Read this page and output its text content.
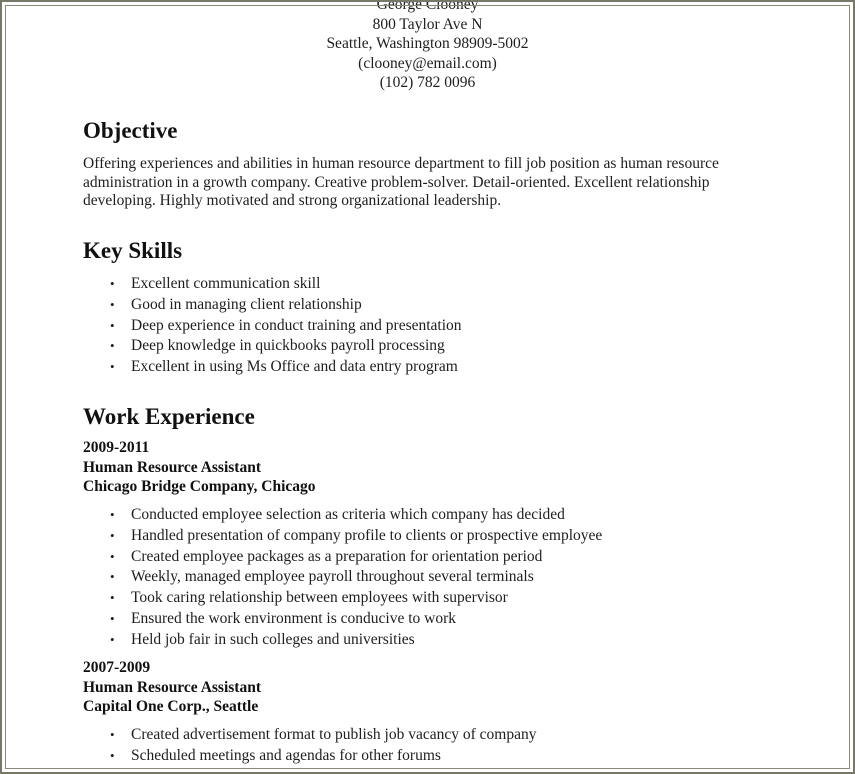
George Clooney
800 Taylor Ave N
Seattle, Washington 98909-5002
(clooney@email.com)
(102) 782 0096
Objective
Offering experiences and abilities in human resource department to fill job position as human resource
administration in a growth company. Creative problem-solver. Detail-oriented. Excellent relationship
developing. Highly motivated and strong organizational leadership.
Key Skills
• Excellent communication skill
• Good in managing client relationship
• Deep experience in conduct training and presentation
• Deep knowledge in quickbooks payroll processing
• Excellent in using Ms Office and data entry program
Work Experience
2009-2011
Human Resource Assistant
Chicago Bridge Company, Chicago
• Conducted employee selection as criteria which company has decided
• Handled presentation of company profile to clients or prospective employee
• Created employee packages as a preparation for orientation period
• Weekly, managed employee payroll throughout several terminals
• Took caring relationship between employees with supervisor
• Ensured the work environment is conducive to work
• Held job fair in such colleges and universities
2007-2009
Human Resource Assistant
Capital One Corp., Seattle
• Created advertisement format to publish job vacancy of company
• Scheduled meetings and agendas for other forums
